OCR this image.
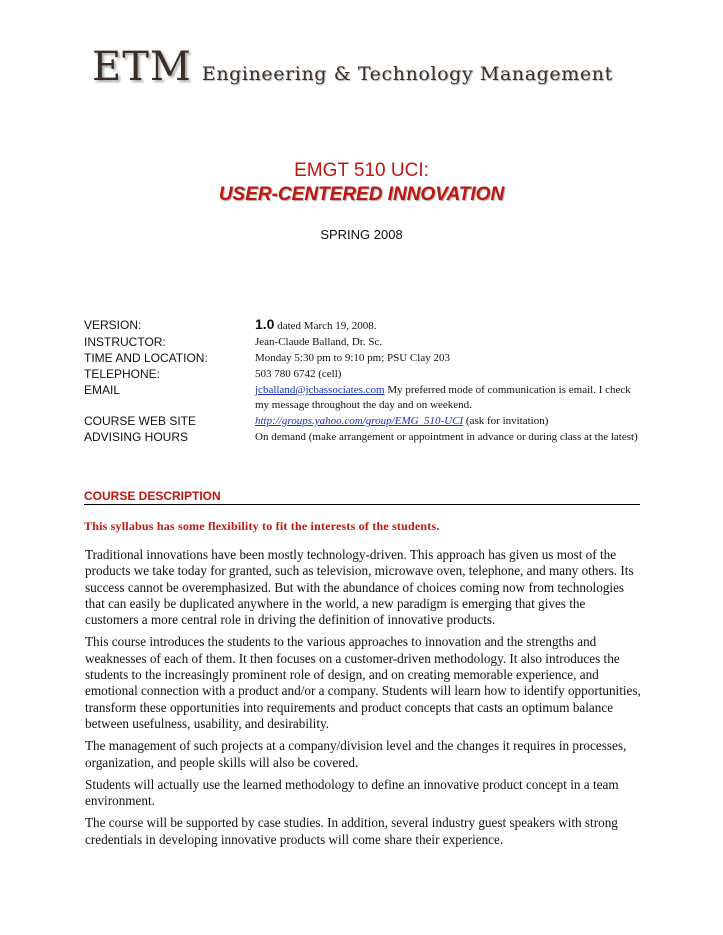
ETM Engineering & Technology Management
EMGT 510 UCI:
USER-CENTERED INNOVATION
SPRING 2008
VERSION:	1.0 dated March 19, 2008.
INSTRUCTOR:	Jean-Claude Balland, Dr. Sc.
TIME AND LOCATION:	Monday 5:30 pm to 9:10 pm; PSU Clay 203
TELEPHONE:	503 780 6742 (cell)
EMAIL	jcballand@jcbassociates.com My preferred mode of communication is email. I check my message throughout the day and on weekend.
COURSE WEB SITE	http://groups.yahoo.com/group/EMG_510-UCI (ask for invitation)
ADVISING HOURS	On demand (make arrangement or appointment in advance or during class at the latest)
COURSE DESCRIPTION
This syllabus has some flexibility to fit the interests of the students.

Traditional innovations have been mostly technology-driven. This approach has given us most of the products we take today for granted, such as television, microwave oven, telephone, and many others. Its success cannot be overemphasized. But with the abundance of choices coming now from technologies that can easily be duplicated anywhere in the world, a new paradigm is emerging that gives the customers a more central role in driving the definition of innovative products.

This course introduces the students to the various approaches to innovation and the strengths and weaknesses of each of them. It then focuses on a customer-driven methodology. It also introduces the students to the increasingly prominent role of design, and on creating memorable experience, and emotional connection with a product and/or a company. Students will learn how to identify opportunities, transform these opportunities into requirements and product concepts that casts an optimum balance between usefulness, usability, and desirability.

The management of such projects at a company/division level and the changes it requires in processes, organization, and people skills will also be covered.

Students will actually use the learned methodology to define an innovative product concept in a team environment.

The course will be supported by case studies. In addition, several industry guest speakers with strong credentials in developing innovative products will come share their experience.
